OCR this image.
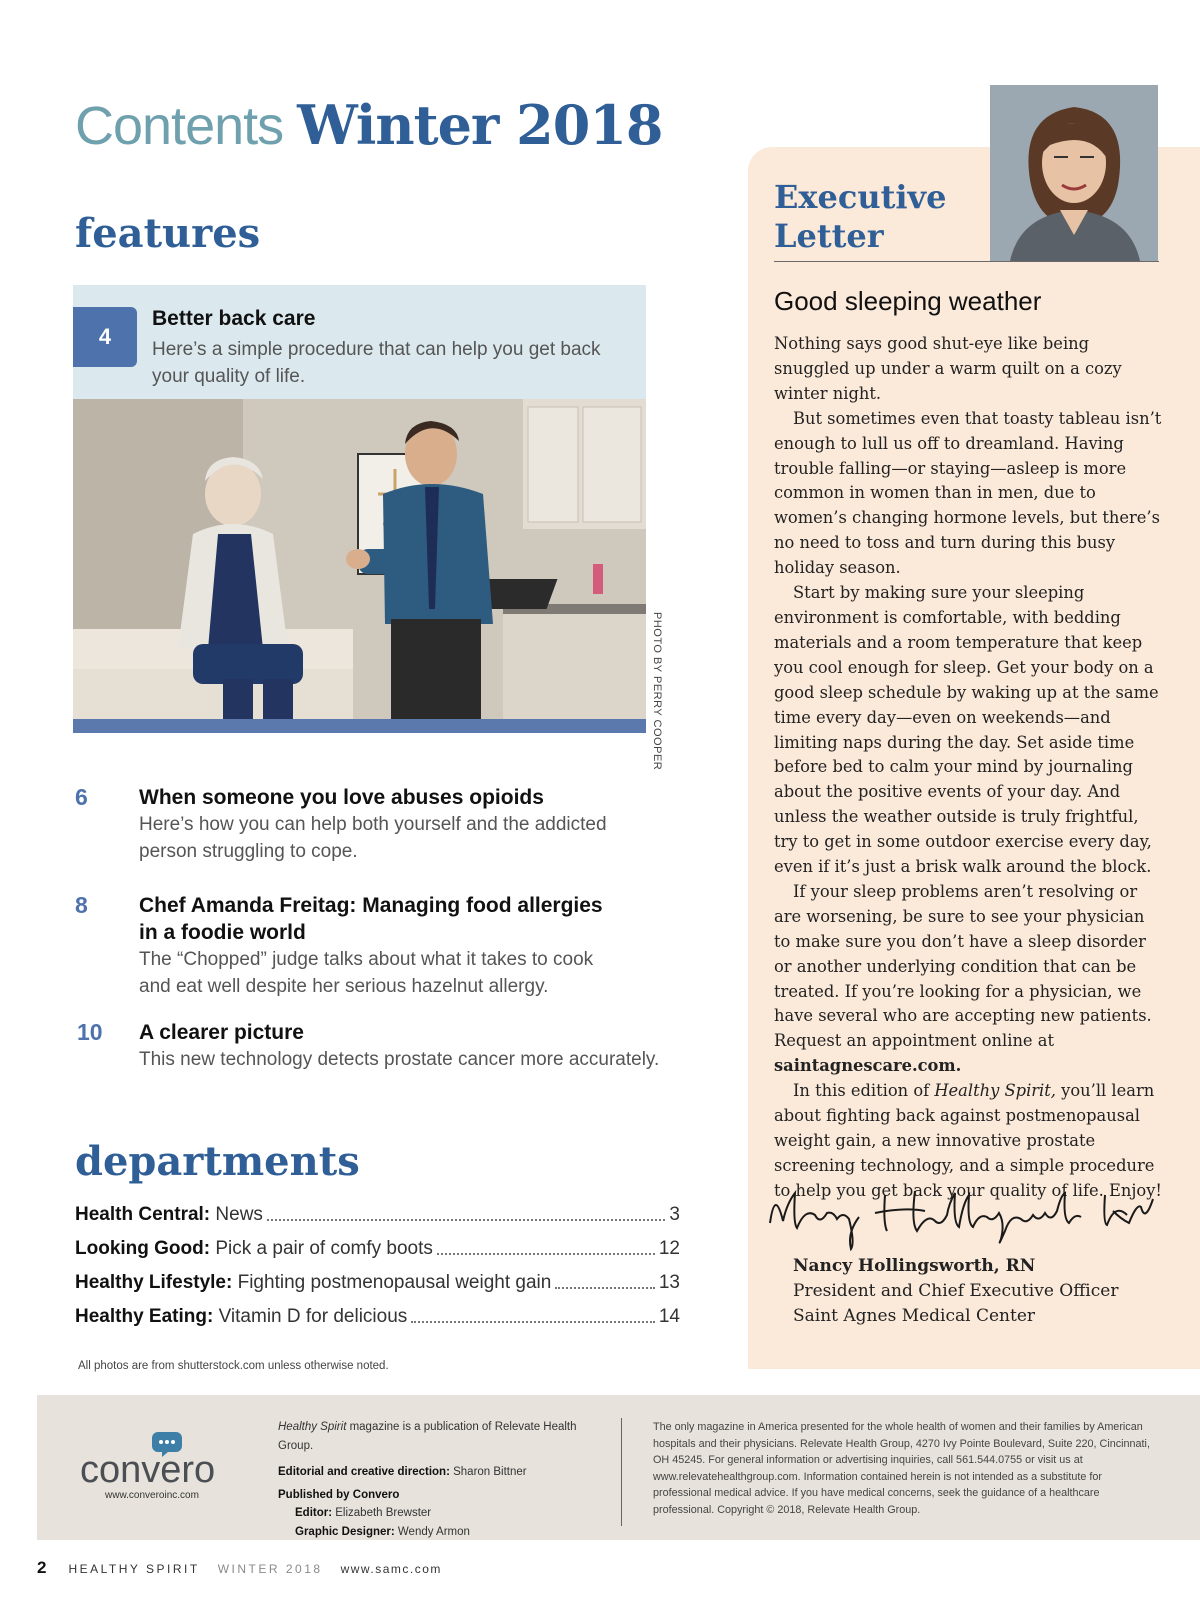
Contents Winter 2018
features
4
Better back care
Here’s a simple procedure that can help you get back your quality of life.
PHOTO BY PERRY COOPER
6 When someone you love abuses opioids
Here’s how you can help both yourself and the addicted person struggling to cope.
8 Chef Amanda Freitag: Managing food allergies in a foodie world
The “Chopped” judge talks about what it takes to cook and eat well despite her serious hazelnut allergy.
10 A clearer picture
This new technology detects prostate cancer more accurately.
departments
Health Central:
News	3
Looking Good:
Pick a pair of comfy boots	12
Healthy Lifestyle:
Fighting postmenopausal weight gain	13
Healthy Eating:
Vitamin D for delicious	14
All photos are from shutterstock.com unless otherwise noted.
Executive
Letter
Good sleeping weather

Nothing says good shut-eye like being snuggled up under a warm quilt on a cozy winter night.

But sometimes even that toasty tableau isn’t enough to lull us off to dreamland. Having trouble falling—or staying—asleep is more common in women than in men, due to women’s changing hormone levels, but there’s no need to toss and turn during this busy holiday season.

Start by making sure your sleeping environment is comfortable, with bedding materials and a room temperature that keep you cool enough for sleep. Get your body on a good sleep schedule by waking up at the same time every day—even on weekends—and limiting naps during the day. Set aside time before bed to calm your mind by journaling about the positive events of your day. And unless the weather outside is truly frightful, try to get in some outdoor exercise every day, even if it’s just a brisk walk around the block.

If your sleep problems aren’t resolving or are worsening, be sure to see your physician to make sure you don’t have a sleep disorder or another underlying condition that can be treated. If you’re looking for a physician, we have several who are accepting new patients. Request an appointment online at saintagnescare.com.

In this edition of Healthy Spirit, you’ll learn about fighting back against postmenopausal weight gain, a new innovative prostate screening technology, and a simple procedure to help you get back your quality of life. Enjoy!

Nancy Hollingsworth, RN
President and Chief Executive Officer
Saint Agnes Medical Center
convero
www.converoinc.com
Healthy Spirit magazine is a publication of Relevate Health Group.
Editorial and creative direction: Sharon Bittner
Published by Convero
Editor: Elizabeth Brewster
Graphic Designer: Wendy Armon
The only magazine in America presented for the whole health of women and their families by American hospitals and their physicians. Relevate Health Group, 4270 Ivy Pointe Boulevard, Suite 220, Cincinnati, OH 45245. For general information or advertising inquiries, call 561.544.0755 or visit us at www.relevatehealthgroup.com. Information contained herein is not intended as a substitute for professional medical advice. If you have medical concerns, seek the guidance of a healthcare professional. Copyright © 2018, Relevate Health Group.
2 HEALTHY SPIRIT WINTER 2018 www.samc.com
